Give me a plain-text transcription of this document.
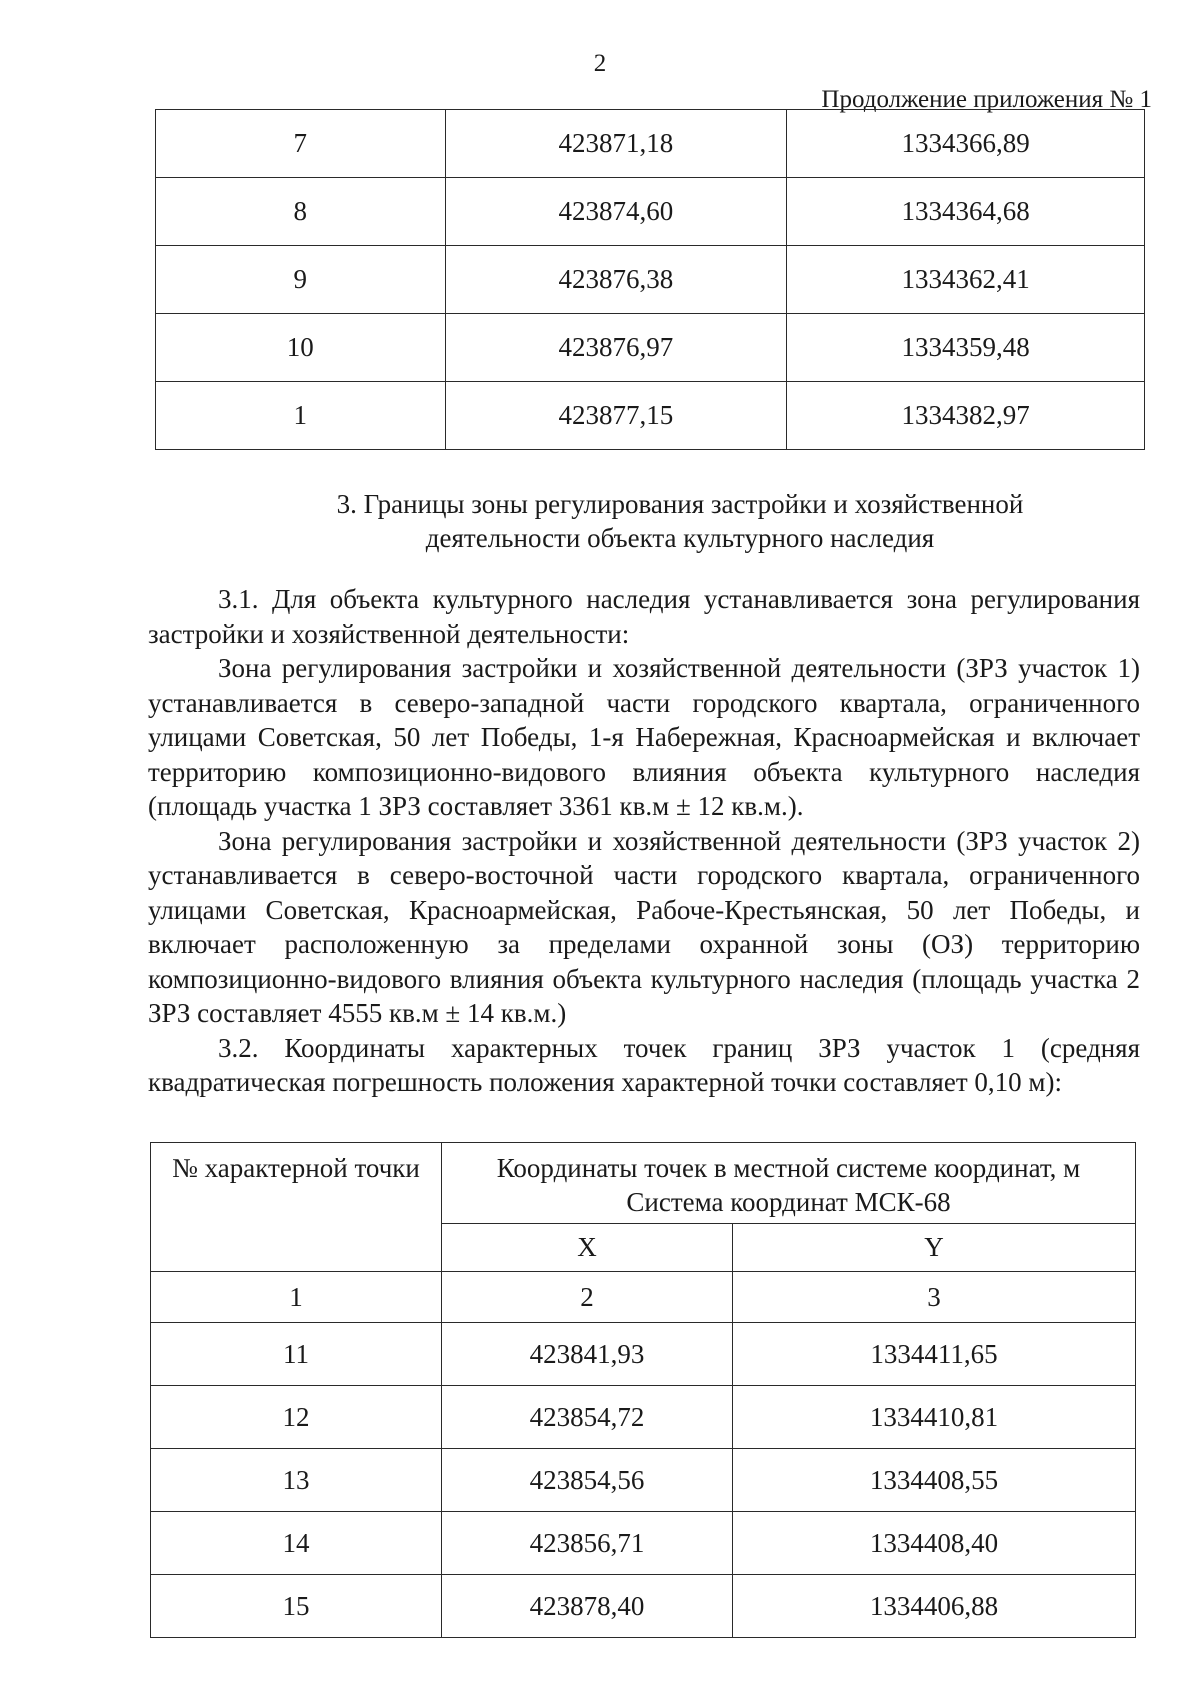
2
Продолжение приложения № 1
7	423871,18	1334366,89
8	423874,60	1334364,68
9	423876,38	1334362,41
10	423876,97	1334359,48
1	423877,15	1334382,97
3. Границы зоны регулирования застройки и хозяйственной
деятельности объекта культурного наследия

3.1. Для объекта культурного наследия устанавливается зона регулирования застройки и хозяйственной деятельности:

Зона регулирования застройки и хозяйственной деятельности (ЗРЗ участок 1) устанавливается в северо-западной части городского квартала, ограниченного улицами Советская, 50 лет Победы, 1-я Набережная, Красноармейская и включает территорию композиционно-видового влияния объекта культурного наследия (площадь участка 1 ЗРЗ составляет 3361 кв.м ± 12 кв.м.).

Зона регулирования застройки и хозяйственной деятельности (ЗРЗ участок 2) устанавливается в северо-восточной части городского квартала, ограниченного улицами Советская, Красноармейская, Рабоче-Крестьянская, 50 лет Победы, и включает расположенную за пределами охранной зоны (ОЗ) территорию композиционно-видового влияния объекта культурного наследия (площадь участка 2 ЗРЗ составляет 4555 кв.м ± 14 кв.м.)

3.2. Координаты характерных точек границ ЗРЗ участок 1 (средняя квадратическая погрешность положения характерной точки составляет 0,10 м):

№ характерной точки	Координаты точек в местной системе координат, м
Система координат МСК-68	

	X	Y
1	2	3
11	423841,93	1334411,65
12	423854,72	1334410,81
13	423854,56	1334408,55
14	423856,71	1334408,40
15	423878,40	1334406,88
